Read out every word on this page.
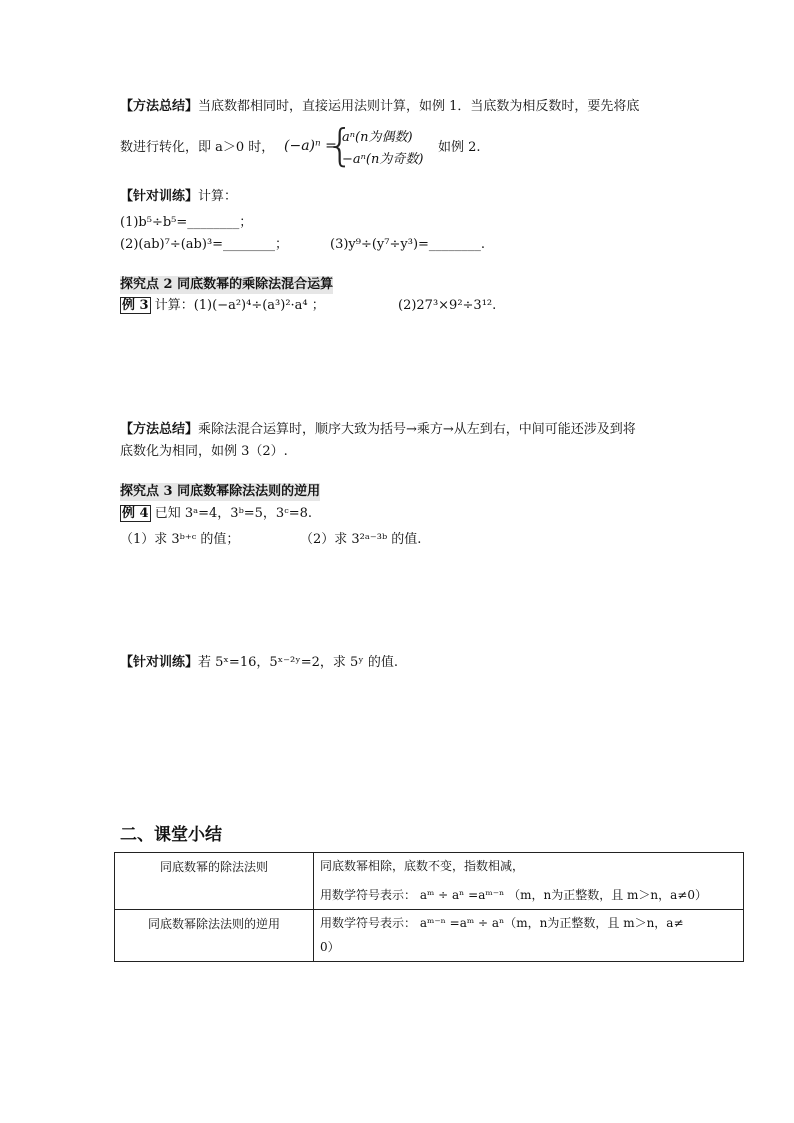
【方法总结】当底数都相同时，直接运用法则计算，如例 1．当底数为相反数时，要先将底
数进行转化，即 a＞0 时， (−a)ⁿ =
{
aⁿ(n为偶数)
−aⁿ(n为奇数)
如例 2.
【针对训练】计算：
(1)b⁵÷b⁵=________；
(2)(ab)⁷÷(ab)³=________；	(3)y⁹÷(y⁷÷y³)=________.
探究点 2 同底数幂的乘除法混合运算
例 3 计算：(1)(−a²)⁴÷(a³)²·a⁴ ；	(2)27³×9²÷3¹².
【方法总结】乘除法混合运算时，顺序大致为括号→乘方→从左到右，中间可能还涉及到将
底数化为相同，如例 3（2）.
探究点 3 同底数幂除法法则的逆用
例 4 已知 3ᵃ=4，3ᵇ=5，3ᶜ=8.
（1）求 3ᵇ⁺ᶜ 的值；	（2）求 3²ᵃ⁻³ᵇ 的值.
【针对训练】若 5ˣ=16，5ˣ⁻²ʸ=2，求 5ʸ 的值.
二、课堂小结
同底数幂的除法法则	同底数幂相除，底数不变，指数相减，
用数学符号表示： aᵐ ÷ aⁿ =aᵐ⁻ⁿ （m，n为正整数，且 m＞n，a≠0）

同底数幂除法法则的逆用	用数学符号表示： aᵐ⁻ⁿ =aᵐ ÷ aⁿ（m，n为正整数，且 m＞n，a≠
0）
